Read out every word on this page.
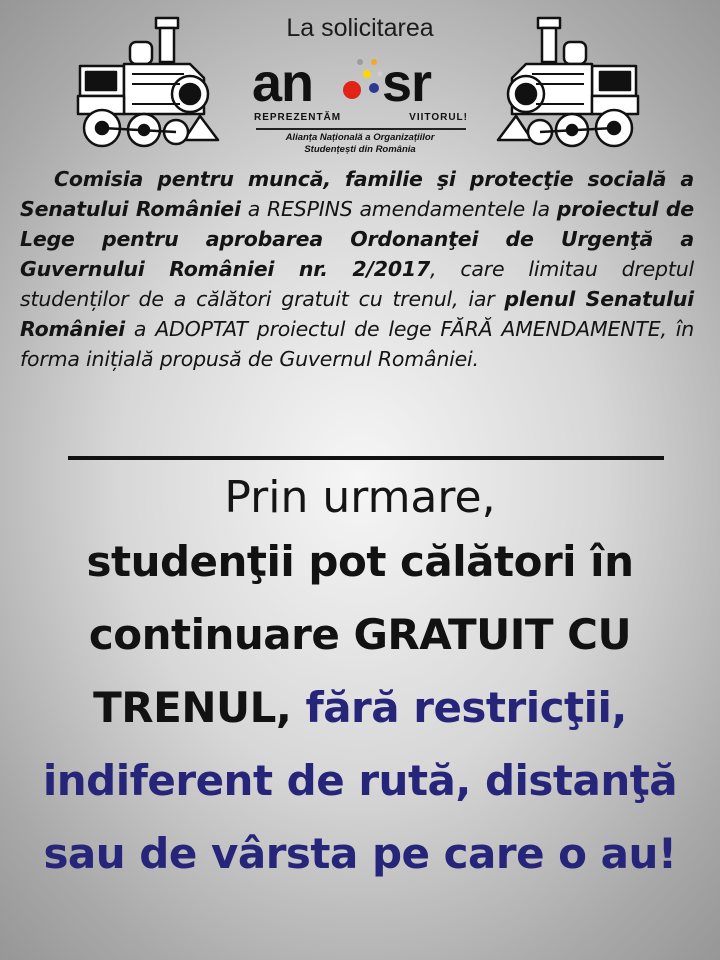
La solicitarea
an sr
REPREZENTĂM	VIITORUL!
Alianța Națională a Organizațiilor
Studențești din România
Comisia pentru muncă, familie şi protecţie socială a Senatului României a RESPINS amendamentele la proiectul de Lege pentru aprobarea Ordonanţei de Urgenţă a Guvernului României nr. 2/2017, care limitau dreptul studenților de a călători gratuit cu trenul, iar plenul Senatului României a ADOPTAT proiectul de lege FĂRĂ AMENDAMENTE, în forma inițială propusă de Guvernul României.
Prin urmare,
studenţii pot călători în continuare GRATUIT CU TRENUL, fără restricţii, indiferent de rută, distanţă sau de vârsta pe care o au!
